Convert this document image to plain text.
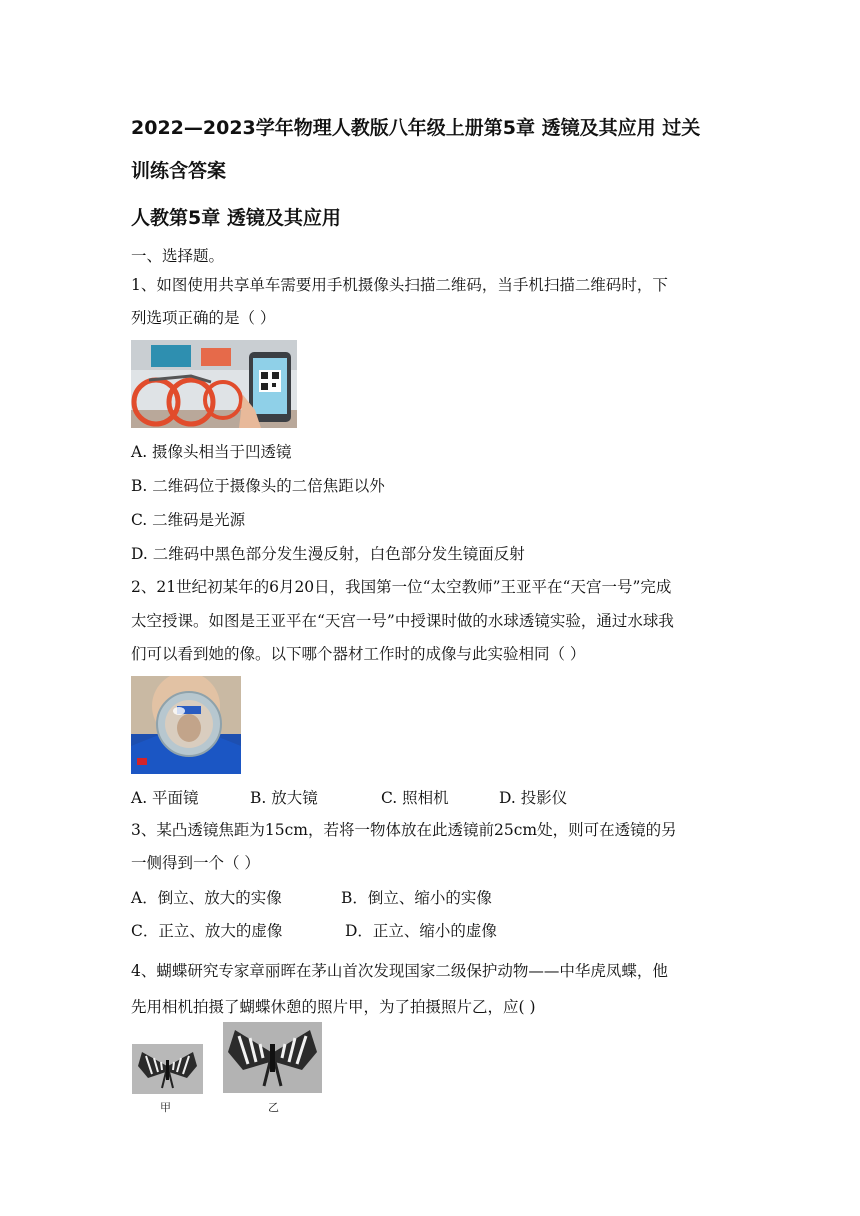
2022—2023学年物理人教版八年级上册第5章 透镜及其应用 过关
训练含答案
人教第5章 透镜及其应用
一、选择题。
1、如图使用共享单车需要用手机摄像头扫描二维码，当手机扫描二维码时，下
列选项正确的是（ ）
A. 摄像头相当于凹透镜
B. 二维码位于摄像头的二倍焦距以外
C. 二维码是光源
D. 二维码中黑色部分发生漫反射，白色部分发生镜面反射
2、21世纪初某年的6月20日，我国第一位“太空教师”王亚平在“天宫一号”完成
太空授课。如图是王亚平在“天宫一号”中授课时做的水球透镜实验，通过水球我
们可以看到她的像。以下哪个器材工作时的成像与此实验相同（ ）
A. 平面镜	B. 放大镜	C. 照相机	D. 投影仪
3、某凸透镜焦距为15cm，若将一物体放在此透镜前25cm处，则可在透镜的另
一侧得到一个（ ）
A．倒立、放大的实像	B．倒立、缩小的实像
C．正立、放大的虚像	D．正立、缩小的虚像
4、蝴蝶研究专家章丽晖在茅山首次发现国家二级保护动物——中华虎凤蝶，他
先用相机拍摄了蝴蝶休憩的照片甲，为了拍摄照片乙，应( )
甲	乙
